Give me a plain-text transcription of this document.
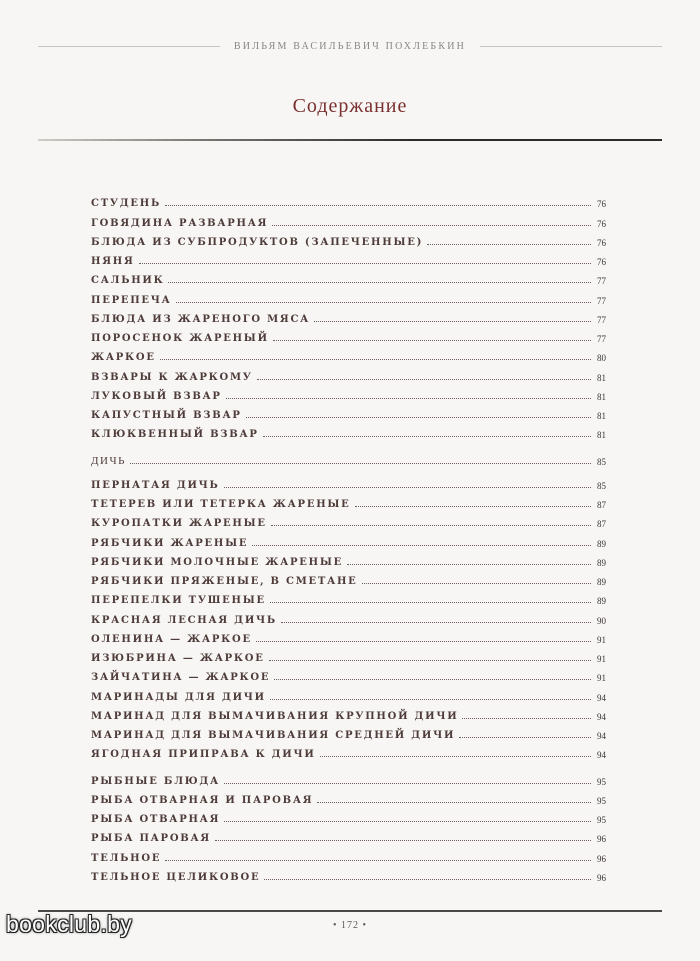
ВИЛЬЯМ ВАСИЛЬЕВИЧ ПОХЛЕБКИН
Содержание
СТУДЕНЬ	76
ГОВЯДИНА РАЗВАРНАЯ	76
БЛЮДА ИЗ СУБПРОДУКТОВ (ЗАПЕЧЕННЫЕ)	76
НЯНЯ	76
САЛЬНИК	77
ПЕРЕПЕЧА	77
БЛЮДА ИЗ ЖАРЕНОГО МЯСА	77
ПОРОСЕНОК ЖАРЕНЫЙ	77
ЖАРКОЕ	80
ВЗВАРЫ К ЖАРКОМУ	81
ЛУКОВЫЙ ВЗВАР	81
КАПУСТНЫЙ ВЗВАР	81
КЛЮКВЕННЫЙ ВЗВАР	81
ДИЧЬ	85
ПЕРНАТАЯ ДИЧЬ	85
ТЕТЕРЕВ ИЛИ ТЕТЕРКА ЖАРЕНЫЕ	87
КУРОПАТКИ ЖАРЕНЫЕ	87
РЯБЧИКИ ЖАРЕНЫЕ	89
РЯБЧИКИ МОЛОЧНЫЕ ЖАРЕНЫЕ	89
РЯБЧИКИ ПРЯЖЕНЫЕ, В СМЕТАНЕ	89
ПЕРЕПЕЛКИ ТУШЕНЫЕ	89
КРАСНАЯ ЛЕСНАЯ ДИЧЬ	90
ОЛЕНИНА — ЖАРКОЕ	91
ИЗЮБРИНА — ЖАРКОЕ	91
ЗАЙЧАТИНА — ЖАРКОЕ	91
МАРИНАДЫ ДЛЯ ДИЧИ	94
МАРИНАД ДЛЯ ВЫМАЧИВАНИЯ КРУПНОЙ ДИЧИ	94
МАРИНАД ДЛЯ ВЫМАЧИВАНИЯ СРЕДНЕЙ ДИЧИ	94
ЯГОДНАЯ ПРИПРАВА К ДИЧИ	94
РЫБНЫЕ БЛЮДА	95
РЫБА ОТВАРНАЯ И ПАРОВАЯ	95
РЫБА ОТВАРНАЯ	95
РЫБА ПАРОВАЯ	96
ТЕЛЬНОЕ	96
ТЕЛЬНОЕ ЦЕЛИКОВОЕ	96
• 172 •
bookclub.by
